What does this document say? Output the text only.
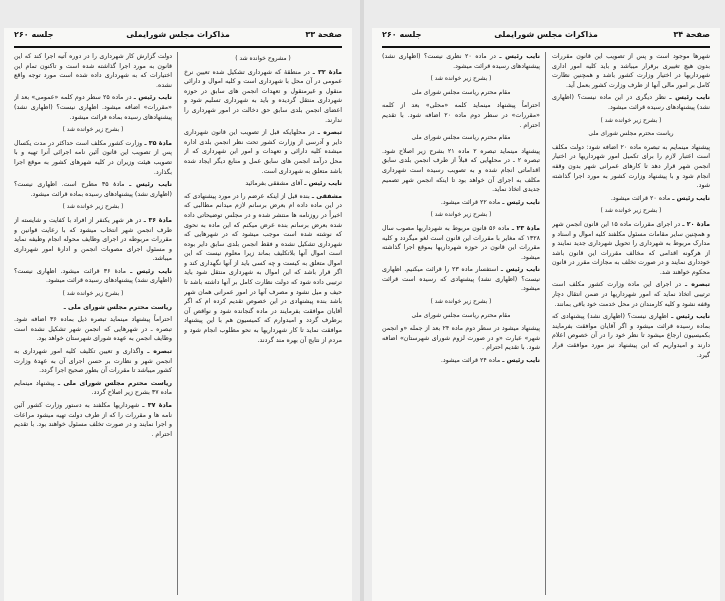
صفحة ۳۳
مذاکرات مجلس شورایملی
جلسه ۲۶۰

( مشروح خوانده شد )

مادهٔ ۳۲ ـ در منطقهٔ که شهرداری تشکیل شده تعیین نرخ عمومی در آن محل با شهرداری است و کلیه اموال و دارائی منقول و غیرمنقول و تعهدات انجمن های سابق در حوزه شهرداری منتقل گردیده و باید به شهرداری تسلیم شود و اعضای انجمن بلدی سابق حق دخالت در امور شهرداری را ندارند.

تبصره ـ در محلهایکه قبل از تصویب این قانون شهرداری دایر و آدرسی از وزارت کشور تحت نظر انجمن بلدی اداره میشده کلیه دارائی و تعهدات و امور این شهرداری که از محل درآمد انجمن های سابق عمل و منابع دیگر ایجاد شده باشد متعلق به شهرداری است.

نایب رئیس ـ آقای مشفقی بفرمائید

مشفقی ـ بنده قبل از اینکه عرضم را در مورد پیشنهادی که در این ماده داده ام بعرض برسانم لازم میدانم مطالبی که اخیراً در روزنامه ها منتشر شده و در مجلس توضیحاتی داده شده بعرض برسانم بنده عرض میکنم که این ماده به نحوی که نوشته شده است موجب میشود که در شهرهایی که شهرداری تشکیل نشده و فقط انجمن بلدی سابق دایر بوده است اموال آنها بلاتکلیف بماند زیرا معلوم نیست که این اموال متعلق به کیست و چه کسی باید از آنها نگهداری کند و اگر قرار باشد که این اموال به شهرداری منتقل شود باید ترتیبی داده شود که دولت نظارت کامل بر آنها داشته باشد تا حیف و میل نشود و مصرف آنها در امور عمرانی همان شهر باشد بنده پیشنهادی در این خصوص تقدیم کرده ام که اگر آقایان موافقت بفرمایند در ماده گنجانده شود و نواقص آن برطرف گردد و امیدوارم که کمیسیون هم با این پیشنهاد موافقت نماید تا کار شهرداریها به نحو مطلوب انجام شود و مردم از نتایج آن بهره مند گردند.

دولت گزارش کار شهرداری را در دوره آتیه اجرا کند که این قانون به مورد اجرا گذاشته شده است و تاکنون تمام این اختیارات که به شهرداری داده شده است مورد توجه واقع نشده.

نایب رئیس ـ در ماده ۲۵ سطر دوم کلمه «عمومی» بعد از «مقررات» اضافه میشود. اظهاری نیست؟ (اظهاری نشد) پیشنهادهای رسیده بماده قرائت میشود.

( بشرح زیر خوانده شد )

مادهٔ ۳۵ ـ وزارت کشور مکلف است حداکثر در مدت یکسال پس از تصویب این قانون آئین نامه اجرائی آنرا تهیه و با تصویب هیئت وزیران در کلیه شهرهای کشور به موقع اجرا بگذارد.

نایب رئیس ـ مادهٔ ۳۵ مطرح است. اظهاری نیست؟ (اظهاری نشد) پیشنهادهای رسیده بماده قرائت میشود.

( بشرح زیر خوانده شد )

مادهٔ ۳۶ ـ در هر شهر یکنفر از افراد با کفایت و شایسته از طرف انجمن شهر انتخاب میشود که با رعایت قوانین و مقررات مربوطه در اجرای وظایف محوله انجام وظیفه نماید و مسئول اجرای مصوبات انجمن و ادارهٔ امور شهرداری میباشد.

نایب رئیس ـ مادهٔ ۳۶ قرائت میشود. اظهاری نیست؟ (اظهاری نشد) پیشنهادهای رسیده قرائت میشود.

( بشرح زیر خوانده شد )

ریاست محترم مجلس شورای ملی ـ

احتراماً پیشنهاد مینماید تبصره ذیل بماده ۳۶ اضافه شود. تبصره ـ در شهرهایی که انجمن شهر تشکیل نشده است وظایف انجمن به عهده شورای شهرستان خواهد بود.

تبصره ـ واگذاری و تعیین تکلیف کلیه امور شهرداری به انجمن شهر و نظارت بر حسن اجرای آن به عهدهٔ وزارت کشور میباشد تا مقررات آن بطور صحیح اجرا گردد.

ریاست محترم مجلس شورای ملی ـ پیشنهاد مینمایم ماده ۳۷ بشرح زیر اصلاح گردد.

مادهٔ ۳۷ ـ شهرداریها مکلفند به دستور وزارت کشور آئین نامه ها و مقررات را که از طرف دولت تهیه میشود مراعات و اجرا نمایند و در صورت تخلف مسئول خواهند بود. با تقدیم احترام .

صفحة ۳۴
مذاکرات مجلس شورایملی
جلسه ۲۶۰

شهرها موجود است و پس از تصویب این قانون مقررات بدون هیچ تغییری برقرار میباشد و باید کلیه امور اداری شهرداریها در اختیار وزارت کشور باشد و همچنین نظارت کامل بر امور مالی آنها از طرف وزارت کشور بعمل آید.

نایب رئیس ـ نظر دیگری در این ماده نیست؟ (اظهاری نشد) پیشنهادهای رسیده قرائت میشود.

( بشرح زیر خوانده شد )

ریاست محترم مجلس شورای ملی

پیشنهاد مینمایم به تبصره ماده ۲۰ اضافه شود: دولت مکلف است اعتبار لازم را برای تکمیل امور شهرداریها در اختیار انجمن شهر قرار دهد تا کارهای عمرانی شهر بدون وقفه انجام شود و با پیشنهاد وزارت کشور به مورد اجرا گذاشته شود.

نایب رئیس ـ ماده ۲۰ قرائت میشود.

( بشرح زیر خوانده شد )

مادهٔ ۲۰ ـ در اجرای مقررات ماده ۱۵ این قانون انجمن شهر و همچنین سایر مقامات مسئول مکلفند کلیه اموال و اسناد و مدارک مربوط به شهرداری را تحویل شهرداری جدید نمایند و از هرگونه اقدامی که مخالف مقررات این قانون باشد خودداری نمایند و در صورت تخلف به مجازات مقرر در قانون محکوم خواهند شد.

تبصره ـ در اجرای این ماده وزارت کشور مکلف است ترتیبی اتخاذ نماید که امور شهرداریها در ضمن انتقال دچار وقفه نشود و کلیه کارمندان در محل خدمت خود باقی بمانند.

نایب رئیس ـ اظهاری نیست؟ (اظهاری نشد) پیشنهادی که بماده رسیده قرائت میشود و اگر آقایان موافقت بفرمایند بکمیسیون ارجاع میشود تا نظر خود را در آن خصوص اعلام دارند و امیدواریم که این پیشنهاد نیز مورد موافقت قرار گیرد.

نایب رئیس ـ در ماده ۲۰ نظری نیست؟ (اظهاری نشد) پیشنهادهای رسیده قرائت میشود.

( بشرح زیر خوانده شد )

مقام محترم ریاست مجلس شورای ملی

احتراماً پیشنهاد مینماید کلمه «محلی» بعد از کلمه «مقررات» در سطر دوم ماده ۲۰ اضافه شود. با تقدیم احترام .

مقام محترم ریاست مجلس شورای ملی

پیشنهاد مینماید تبصره ۲ ماده ۲۱ بشرح زیر اصلاح شود. تبصره ۲ ـ در محلهایی که قبلاً از طرف انجمن بلدی سابق اقداماتی انجام شده و به تصویب رسیده است شهرداری مکلف به اجرای آن خواهد بود تا اینکه انجمن شهر تصمیم جدیدی اتخاذ نماید.

نایب رئیس ـ ماده ۲۲ قرائت میشود.

( بشرح زیر خوانده شد )

مادهٔ ۲۳ ـ ماده ۵۶ قانون مربوط به شهرداریها مصوب سال ۱۳۲۸ که مغایر با مقررات این قانون است لغو میگردد و کلیه مقررات این قانون در حوزه شهرداریها بموقع اجرا گذاشته میشود.

نایب رئیس ـ استفسار ماده ۲۳ را قرائت میکنیم. اظهاری نیست؟ (اظهاری نشد) پیشنهادی که رسیده است قرائت میشود.

( بشرح زیر خوانده شد )

مقام محترم ریاست مجلس شورای ملی

پیشنهاد میشود در سطر دوم ماده ۲۴ بعد از جمله «و انجمن شهر» عبارت «و در صورت لزوم شورای شهرستان» اضافه شود. با تقدیم احترام .

نایب رئیس ـ ماده ۲۴ قرائت میشود.
